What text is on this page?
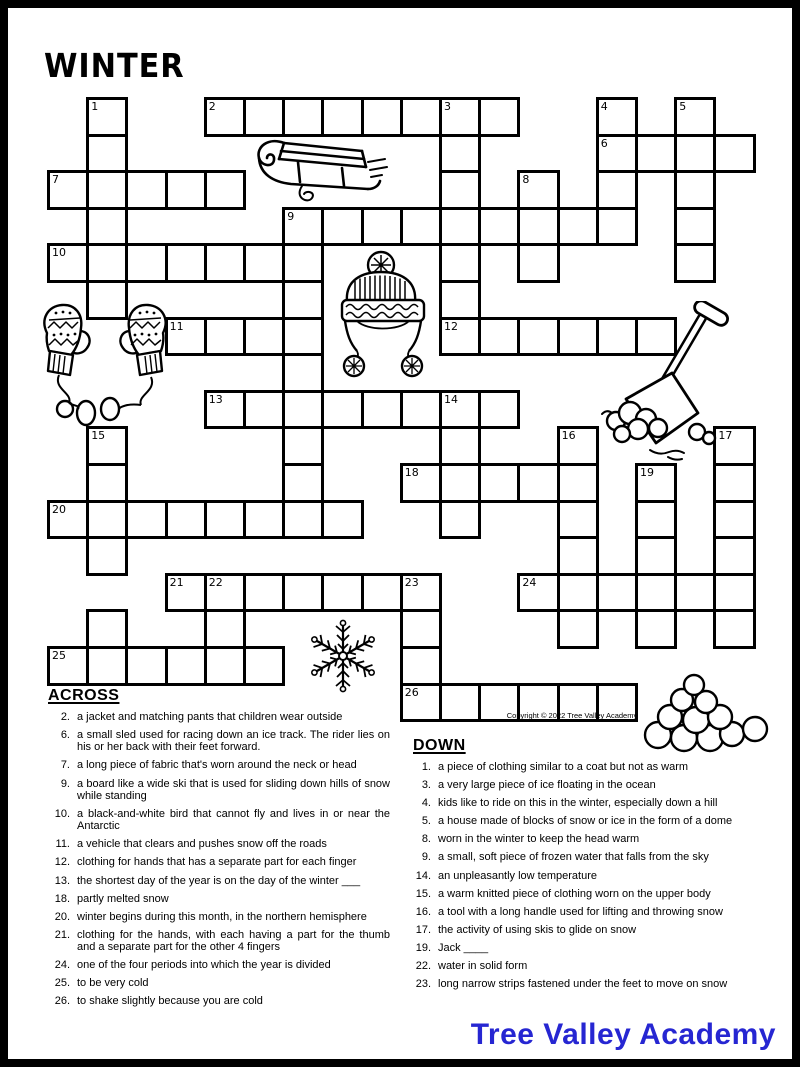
WINTER
1	2	3	4	5
6
7	8
9
10
11	12
13	14
15	16	17
18	19
20
21 22	23	24
25
26
Copyright © 2022 Tree Valley Academy
ACROSS
2. a jacket and matching pants that children wear outside
6. a small sled used for racing down an ice track. The rider lies on his or her back with their feet forward.
7. a long piece of fabric that's worn around the neck or head
9. a board like a wide ski that is used for sliding down hills of snow while standing
10. a black-and-white bird that cannot fly and lives in or near the Antarctic
11. a vehicle that clears and pushes snow off the roads
12. clothing for hands that has a separate part for each finger
13. the shortest day of the year is on the day of the winter ___
18. partly melted snow
20. winter begins during this month, in the northern hemisphere
21. clothing for the hands, with each having a part for the thumb and a separate part for the other 4 fingers
24. one of the four periods into which the year is divided
25. to be very cold
26. to shake slightly because you are cold
DOWN
1. a piece of clothing similar to a coat but not as warm
3. a very large piece of ice floating in the ocean
4. kids like to ride on this in the winter, especially down a hill
5. a house made of blocks of snow or ice in the form of a dome
8. worn in the winter to keep the head warm
9. a small, soft piece of frozen water that falls from the sky
14. an unpleasantly low temperature
15. a warm knitted piece of clothing worn on the upper body
16. a tool with a long handle used for lifting and throwing snow
17. the activity of using skis to glide on snow
19. Jack ____
22. water in solid form
23. long narrow strips fastened under the feet to move on snow
Tree Valley Academy
